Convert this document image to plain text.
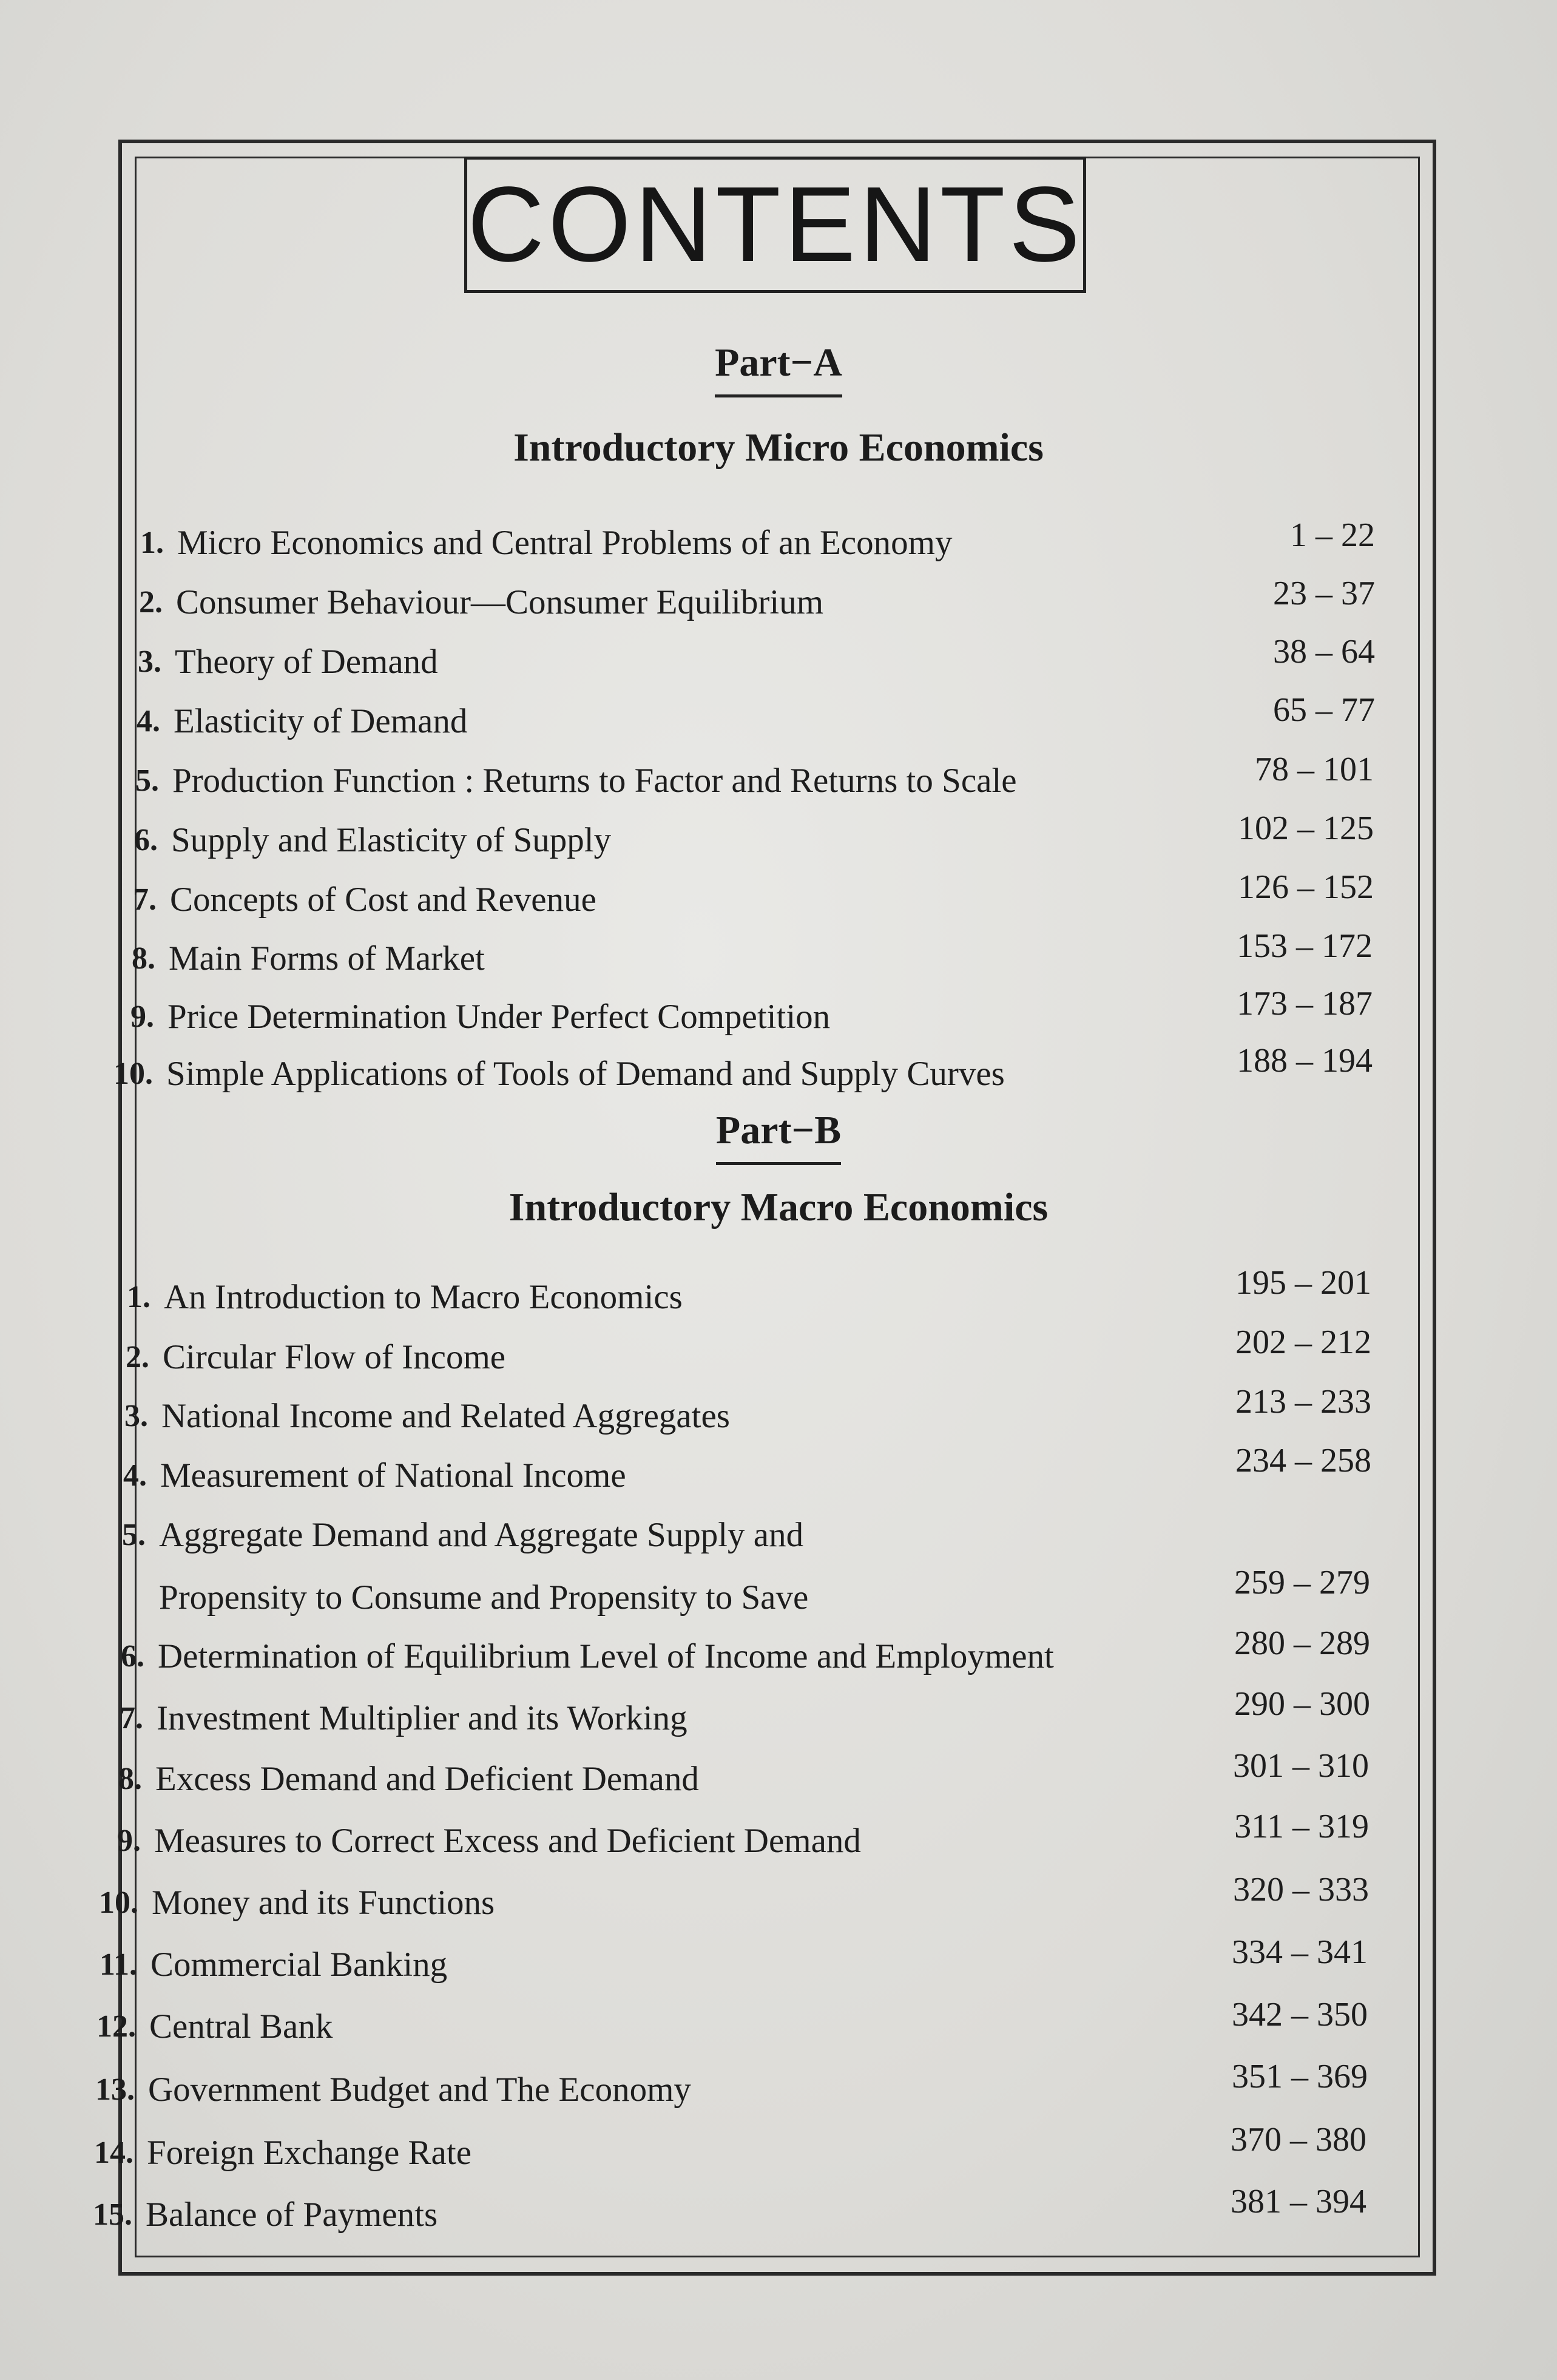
CONTENTS
Part−A
Introductory Micro Economics
1. Micro Economics and Central Problems of an Economy	1 – 22
2. Consumer Behaviour—Consumer Equilibrium	23 – 37
3. Theory of Demand	38 – 64
4. Elasticity of Demand	65 – 77
5. Production Function : Returns to Factor and Returns to Scale	78 – 101
6. Supply and Elasticity of Supply	102 – 125
7. Concepts of Cost and Revenue	126 – 152
8. Main Forms of Market	153 – 172
9. Price Determination Under Perfect Competition	173 – 187
10. Simple Applications of Tools of Demand and Supply Curves	188 – 194
Part−B
Introductory Macro Economics
1. An Introduction to Macro Economics	195 – 201
2. Circular Flow of Income	202 – 212
3. National Income and Related Aggregates	213 – 233
4. Measurement of National Income	234 – 258
5. Aggregate Demand and Aggregate Supply and
Propensity to Consume and Propensity to Save	259 – 279
6. Determination of Equilibrium Level of Income and Employment	280 – 289
7. Investment Multiplier and its Working	290 – 300
8. Excess Demand and Deficient Demand	301 – 310
9. Measures to Correct Excess and Deficient Demand	311 – 319
10. Money and its Functions	320 – 333
11. Commercial Banking	334 – 341
12. Central Bank	342 – 350
13. Government Budget and The Economy	351 – 369
14. Foreign Exchange Rate	370 – 380
15. Balance of Payments	381 – 394
